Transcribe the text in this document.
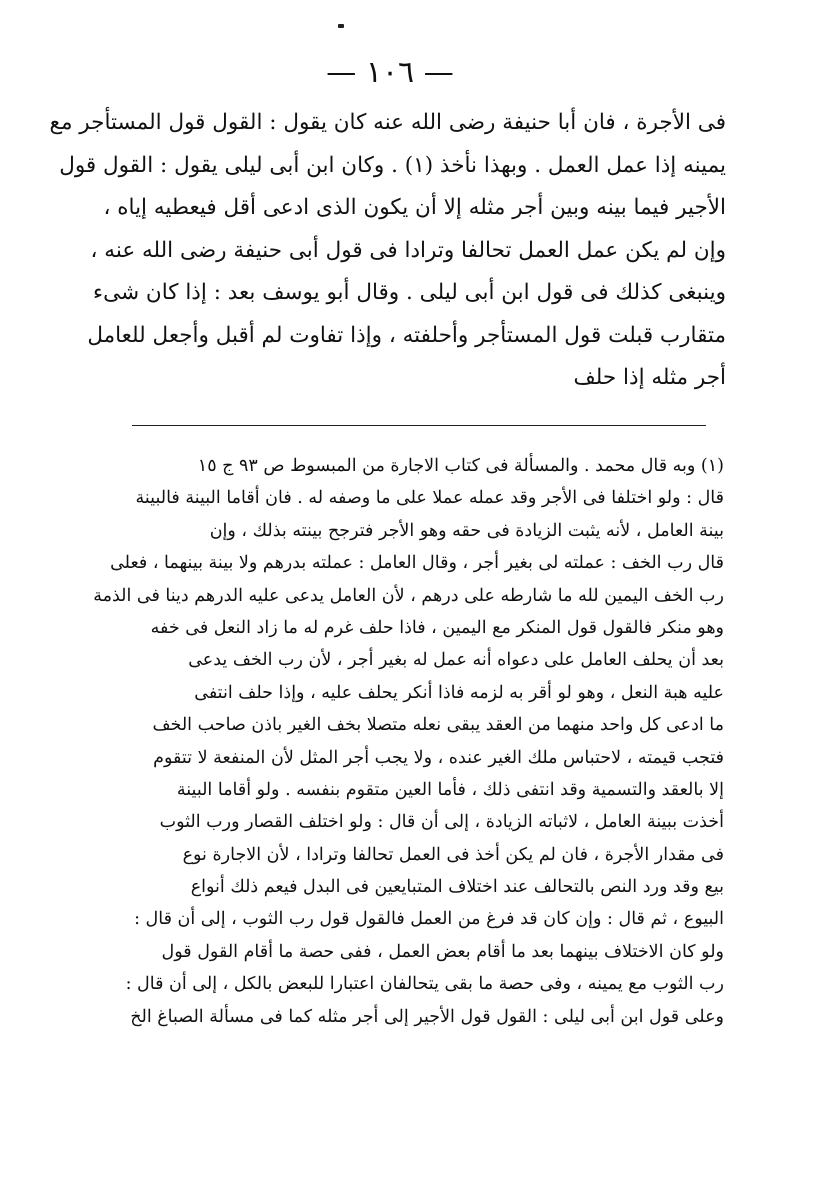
— ١٠٦ —
فى الأجرة ، فان أبا حنيفة رضى الله عنه كان يقول : القول قول المستأجر مع
يمينه إذا عمل العمل . وبهذا نأخذ (١) . وكان ابن أبى ليلى يقول : القول قول
الأجير فيما بينه وبين أجر مثله إلا أن يكون الذى ادعى أقل فيعطيه إياه ،
وإن لم يكن عمل العمل تحالفا وترادا فى قول أبى حنيفة رضى الله عنه ،
وينبغى كذلك فى قول ابن أبى ليلى . وقال أبو يوسف بعد : إذا كان شىء
متقارب قبلت قول المستأجر وأحلفته ، وإذا تفاوت لم أقبل وأجعل للعامل
أجر مثله إذا حلف
(١) وبه قال محمد . والمسألة فى كتاب الاجارة من المبسوط ص ٩٣ ج ١٥
قال : ولو اختلفا فى الأجر وقد عمله عملا على ما وصفه له . فان أقاما البينة فالبينة
بينة العامل ، لأنه يثبت الزيادة فى حقه وهو الأجر فترجح بينته بذلك ، وإن
قال رب الخف : عملته لى بغير أجر ، وقال العامل : عملته بدرهم ولا بينة بينهما ، فعلى
رب الخف اليمين لله ما شارطه على درهم ، لأن العامل يدعى عليه الدرهم دينا فى الذمة
وهو منكر فالقول قول المنكر مع اليمين ، فاذا حلف غرم له ما زاد النعل فى خفه
بعد أن يحلف العامل على دعواه أنه عمل له بغير أجر ، لأن رب الخف يدعى
عليه هبة النعل ، وهو لو أقر به لزمه فاذا أنكر يحلف عليه ، وإذا حلف انتفى
ما ادعى كل واحد منهما من العقد يبقى نعله متصلا بخف الغير باذن صاحب الخف
فتجب قيمته ، لاحتباس ملك الغير عنده ، ولا يجب أجر المثل لأن المنفعة لا تتقوم
إلا بالعقد والتسمية وقد انتفى ذلك ، فأما العين متقوم بنفسه . ولو أقاما البينة
أخذت ببينة العامل ، لاثباته الزيادة ، إلى أن قال : ولو اختلف القصار ورب الثوب
فى مقدار الأجرة ، فان لم يكن أخذ فى العمل تحالفا وترادا ، لأن الاجارة نوع
بيع وقد ورد النص بالتحالف عند اختلاف المتبايعين فى البدل فيعم ذلك أنواع
البيوع ، ثم قال : وإن كان قد فرغ من العمل فالقول قول رب الثوب ، إلى أن قال :
ولو كان الاختلاف بينهما بعد ما أقام بعض العمل ، ففى حصة ما أقام القول قول
رب الثوب مع يمينه ، وفى حصة ما بقى يتحالفان اعتبارا للبعض بالكل ، إلى أن قال :
وعلى قول ابن أبى ليلى : القول قول الأجير إلى أجر مثله كما فى مسألة الصباغ الخ
